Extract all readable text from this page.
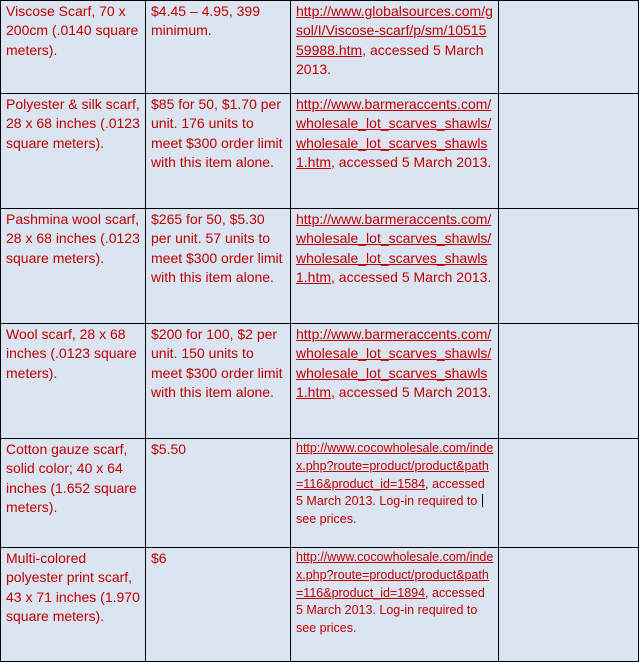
Viscose Scarf, 70 x 200cm (.0140 square meters).	$4.45 – 4.95, 399 minimum.	http://www.globalsources.com/gsol/I/Viscose-scarf/p/sm/1051559988.htm, accessed 5 March 2013.	
Polyester & silk scarf, 28 x 68 inches (.0123 square meters).	$85 for 50, $1.70 per unit. 176 units to meet $300 order limit with this item alone.	http://www.barmeraccents.com/wholesale_lot_scarves_shawls/wholesale_lot_scarves_shawls1.htm, accessed 5 March 2013.	
Pashmina wool scarf, 28 x 68 inches (.0123 square meters).	$265 for 50, $5.30 per unit. 57 units to meet $300 order limit with this item alone.	http://www.barmeraccents.com/wholesale_lot_scarves_shawls/wholesale_lot_scarves_shawls1.htm, accessed 5 March 2013.	
Wool scarf, 28 x 68 inches (.0123 square meters).	$200 for 100, $2 per unit. 150 units to meet $300 order limit with this item alone.	http://www.barmeraccents.com/wholesale_lot_scarves_shawls/wholesale_lot_scarves_shawls1.htm, accessed 5 March 2013.	
Cotton gauze scarf, solid color; 40 x 64 inches (1.652 square meters).	$5.50	http://www.cocowholesale.com/index.php?route=product/product&path=116&product_id=1584, accessed 5 March 2013. Log-in required to see prices.	
Multi-colored polyester print scarf, 43 x 71 inches (1.970 square meters).	$6	http://www.cocowholesale.com/index.php?route=product/product&path=116&product_id=1894, accessed 5 March 2013. Log-in required to see prices.	
